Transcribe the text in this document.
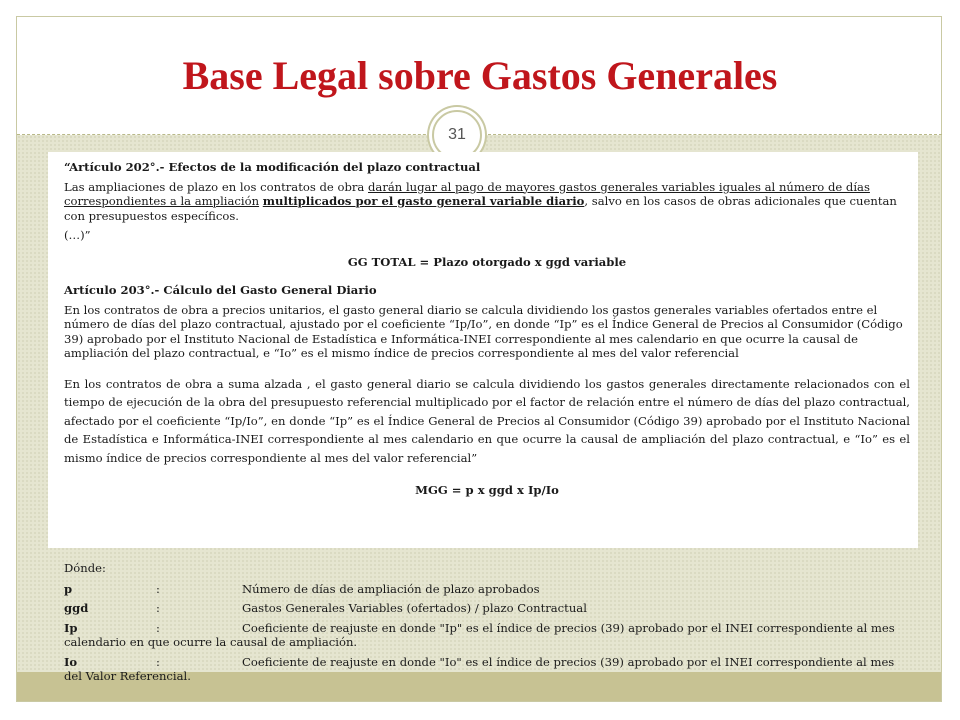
Base Legal sobre Gastos Generales
31

“Artículo 202°.- Efectos de la modificación del plazo contractual

Las ampliaciones de plazo en los contratos de obra darán lugar al pago de mayores gastos generales variables iguales al número de días correspondientes a la ampliación multiplicados por el gasto general variable diario, salvo en los casos de obras adicionales que cuentan con presupuestos específicos.

(…)”

GG TOTAL = Plazo otorgado x ggd variable

Artículo 203°.- Cálculo del Gasto General Diario

En los contratos de obra a precios unitarios, el gasto general diario se calcula dividiendo los gastos generales variables ofertados entre el número de días del plazo contractual, ajustado por el coeficiente “Ip/Io”, en donde “Ip” es el Índice General de Precios al Consumidor (Código 39) aprobado por el Instituto Nacional de Estadística e Informática-INEI correspondiente al mes calendario en que ocurre la causal de ampliación del plazo contractual, e “Io” es el mismo índice de precios correspondiente al mes del valor referencial

En los contratos de obra a suma alzada , el gasto general diario se calcula dividiendo los gastos generales directamente relacionados con el tiempo de ejecución de la obra del presupuesto referencial multiplicado por el factor de relación entre el número de días del plazo contractual, afectado por el coeficiente “Ip/Io”, en donde “Ip” es el Índice General de Precios al Consumidor (Código 39) aprobado por el Instituto Nacional de Estadística e Informática-INEI correspondiente al mes calendario en que ocurre la causal de ampliación del plazo contractual, e “Io” es el mismo índice de precios correspondiente al mes del valor referencial”

MGG = p x ggd x Ip/Io

Dónde:

p	:	Número de días de ampliación de plazo aprobados
ggd	:	Gastos Generales Variables (ofertados) / plazo Contractual
Ip	:	Coeficiente de reajuste en donde "Ip" es el índice de precios (39) aprobado por el INEI correspondiente al mes calendario en que ocurre la causal de ampliación.
Io	:	Coeficiente de reajuste en donde "Io" es el índice de precios (39) aprobado por el INEI correspondiente al mes del Valor Referencial.
